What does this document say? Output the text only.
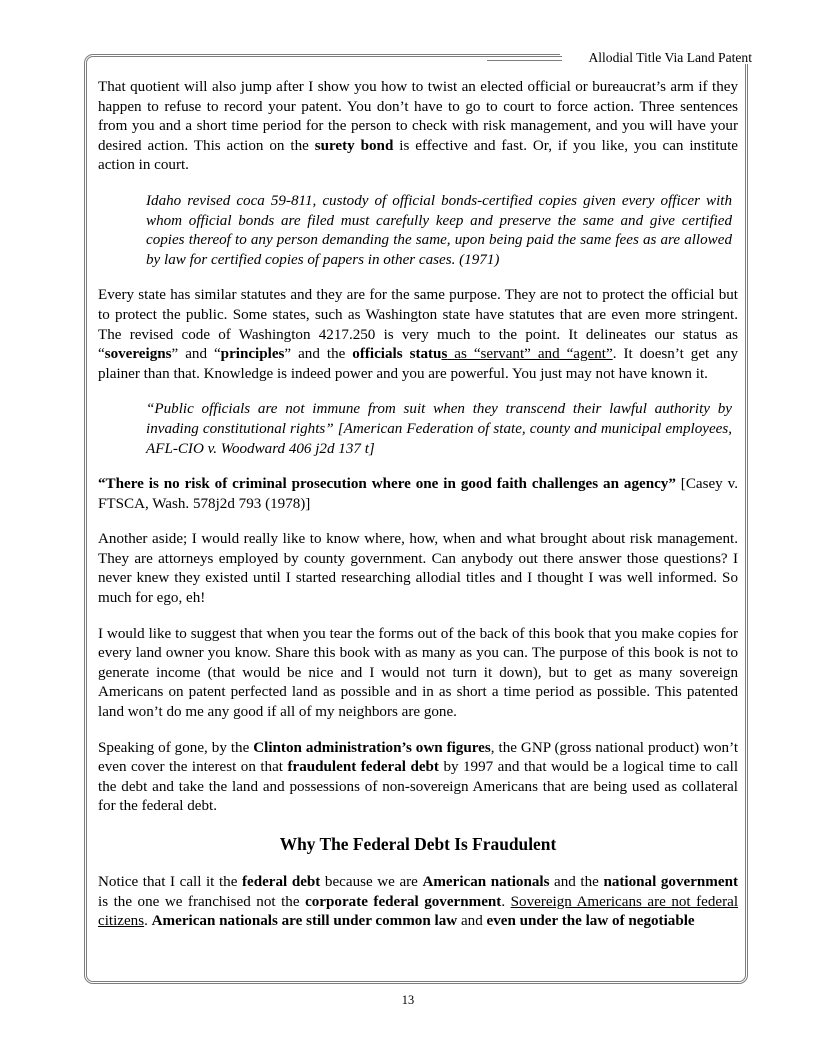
Allodial Title Via Land Patent

That quotient will also jump after I show you how to twist an elected official or bureaucrat’s arm if they happen to refuse to record your patent. You don’t have to go to court to force action. Three sentences from you and a short time period for the person to check with risk management, and you will have your desired action. This action on the surety bond is effective and fast. Or, if you like, you can institute action in court.

Idaho revised coca 59-811, custody of official bonds-certified copies given every officer with whom official bonds are filed must carefully keep and preserve the same and give certified copies thereof to any person demanding the same, upon being paid the same fees as are allowed by law for certified copies of papers in other cases. (1971)

Every state has similar statutes and they are for the same purpose. They are not to protect the official but to protect the public. Some states, such as Washington state have statutes that are even more stringent. The revised code of Washington 4217.250 is very much to the point. It delineates our status as “sovereigns” and “principles” and the officials status as “servant” and “agent”. It doesn’t get any plainer than that. Knowledge is indeed power and you are powerful. You just may not have known it.

“Public officials are not immune from suit when they transcend their lawful authority by invading constitutional rights” [American Federation of state, county and municipal employees, AFL-CIO v. Woodward 406 j2d 137 t]

“There is no risk of criminal prosecution where one in good faith challenges an agency” [Casey v. FTSCA, Wash. 578j2d 793 (1978)]

Another aside; I would really like to know where, how, when and what brought about risk management. They are attorneys employed by county government. Can anybody out there answer those questions? I never knew they existed until I started researching allodial titles and I thought I was well informed. So much for ego, eh!

I would like to suggest that when you tear the forms out of the back of this book that you make copies for every land owner you know. Share this book with as many as you can. The purpose of this book is not to generate income (that would be nice and I would not turn it down), but to get as many sovereign Americans on patent perfected land as possible and in as short a time period as possible. This patented land won’t do me any good if all of my neighbors are gone.

Speaking of gone, by the Clinton administration’s own figures, the GNP (gross national product) won’t even cover the interest on that fraudulent federal debt by 1997 and that would be a logical time to call the debt and take the land and possessions of non-sovereign Americans that are being used as collateral for the federal debt.

Why The Federal Debt Is Fraudulent

Notice that I call it the federal debt because we are American nationals and the national government is the one we franchised not the corporate federal government. Sovereign Americans are not federal citizens. American nationals are still under common law and even under the law of negotiable

13
